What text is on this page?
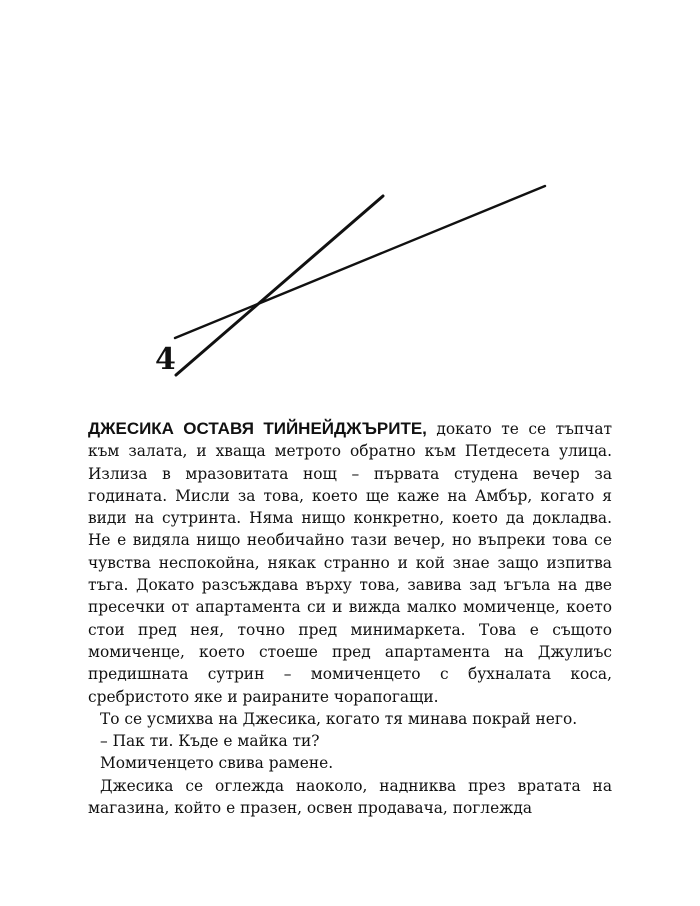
4

ДЖЕСИКА ОСТАВЯ ТИЙНЕЙДЖЪРИТЕ, докато те се тъпчат към залата, и хваща метрото обратно към Петдесета улица. Излиза в мразовитата нощ – първата студена вечер за годината. Мисли за това, което ще каже на Амбър, когато я види на сутринта. Няма нищо конкретно, което да докладва. Не е видяла нищо необичайно тази вечер, но въпреки това се чувства неспокойна, някак странно и кой знае защо изпитва тъга. Докато разсъждава върху това, завива зад ъгъла на две пресечки от апартамента си и вижда малко момиченце, което стои пред нея, точно пред минимаркета. Това е същото момиченце, което стоеше пред апартамента на Джулиъс предишната сутрин – момиченцето с бухналата коса, сребристото яке и раираните чорапогащи.

То се усмихва на Джесика, когато тя минава покрай него.

– Пак ти. Къде е майка ти?

Момиченцето свива рамене.

Джесика се оглежда наоколо, надниква през вратата на магазина, който е празен, освен продавача, поглежда
